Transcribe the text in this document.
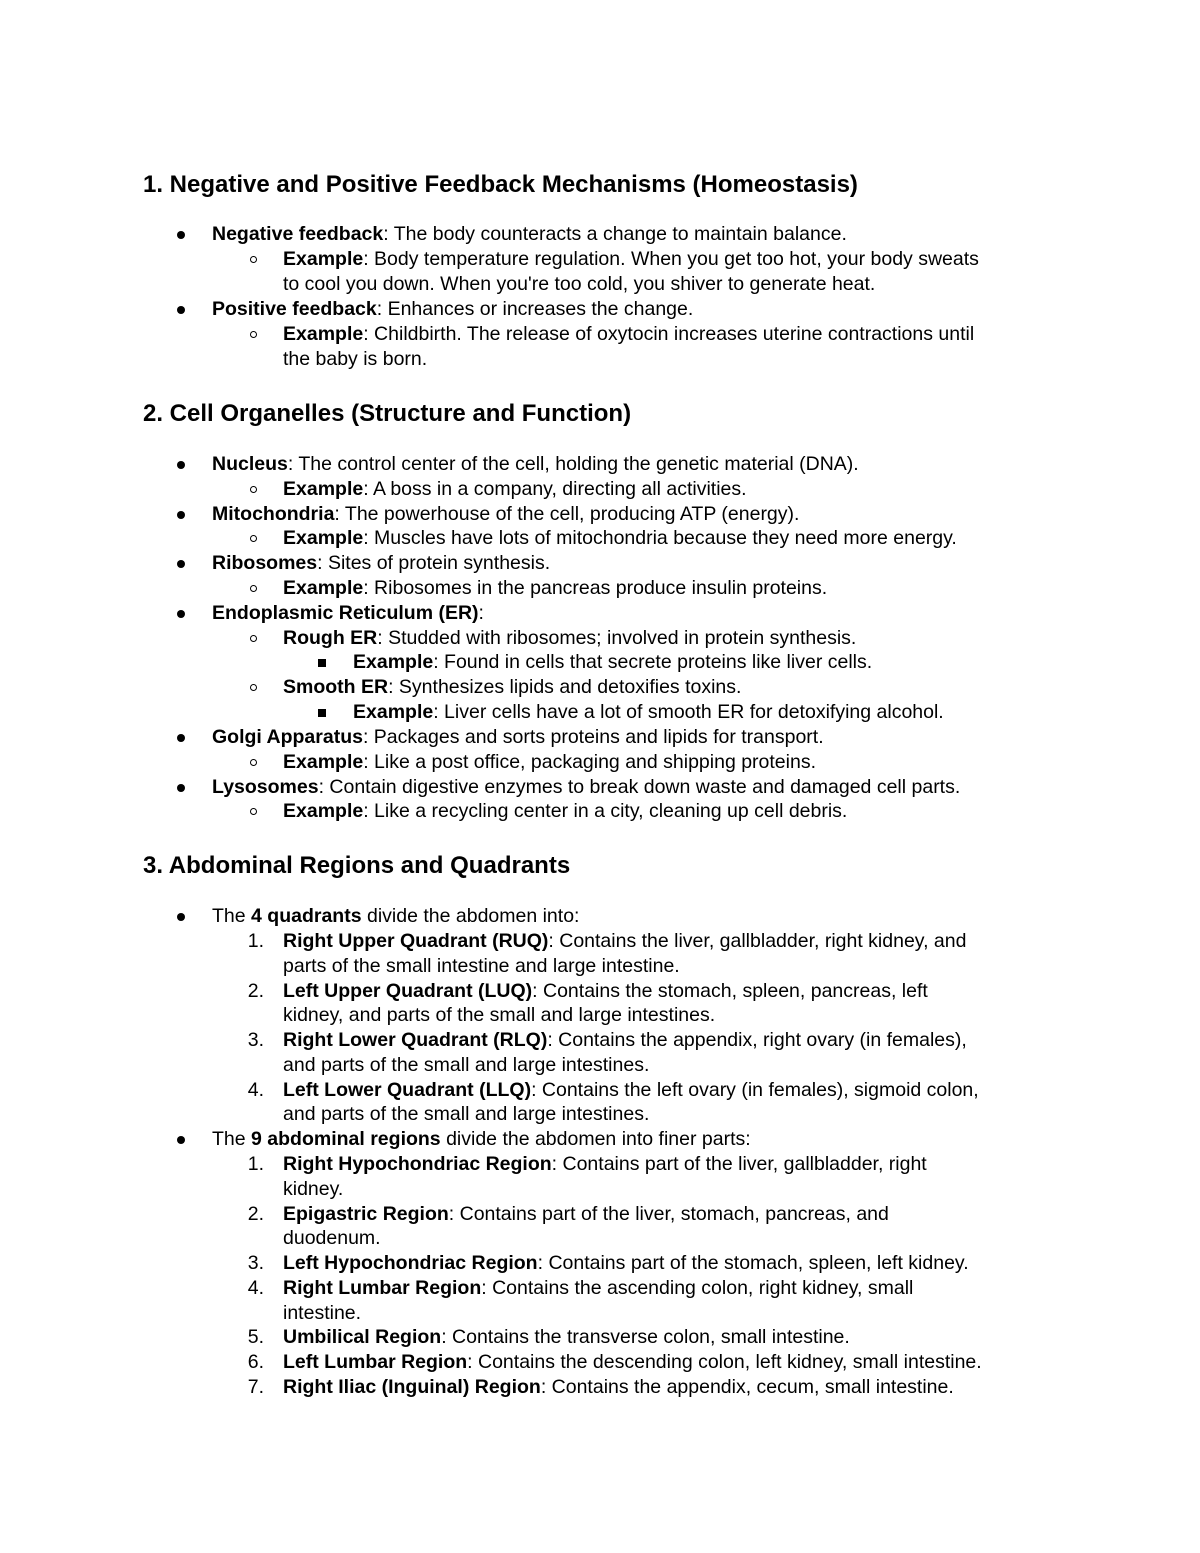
1. Negative and Positive Feedback Mechanisms (Homeostasis)
Negative feedback: The body counteracts a change to maintain balance.
Example: Body temperature regulation. When you get too hot, your body sweats
to cool you down. When you're too cold, you shiver to generate heat.
Positive feedback: Enhances or increases the change.
Example: Childbirth. The release of oxytocin increases uterine contractions until
the baby is born.
2. Cell Organelles (Structure and Function)
Nucleus: The control center of the cell, holding the genetic material (DNA).
Example: A boss in a company, directing all activities.
Mitochondria: The powerhouse of the cell, producing ATP (energy).
Example: Muscles have lots of mitochondria because they need more energy.
Ribosomes: Sites of protein synthesis.
Example: Ribosomes in the pancreas produce insulin proteins.
Endoplasmic Reticulum (ER):
Rough ER: Studded with ribosomes; involved in protein synthesis.
Example: Found in cells that secrete proteins like liver cells.
Smooth ER: Synthesizes lipids and detoxifies toxins.
Example: Liver cells have a lot of smooth ER for detoxifying alcohol.
Golgi Apparatus: Packages and sorts proteins and lipids for transport.
Example: Like a post office, packaging and shipping proteins.
Lysosomes: Contain digestive enzymes to break down waste and damaged cell parts.
Example: Like a recycling center in a city, cleaning up cell debris.
3. Abdominal Regions and Quadrants
The 4 quadrants divide the abdomen into:
1. Right Upper Quadrant (RUQ): Contains the liver, gallbladder, right kidney, and
parts of the small intestine and large intestine.
2. Left Upper Quadrant (LUQ): Contains the stomach, spleen, pancreas, left
kidney, and parts of the small and large intestines.
3. Right Lower Quadrant (RLQ): Contains the appendix, right ovary (in females),
and parts of the small and large intestines.
4. Left Lower Quadrant (LLQ): Contains the left ovary (in females), sigmoid colon,
and parts of the small and large intestines.
The 9 abdominal regions divide the abdomen into finer parts:
1. Right Hypochondriac Region: Contains part of the liver, gallbladder, right
kidney.
2. Epigastric Region: Contains part of the liver, stomach, pancreas, and
duodenum.
3. Left Hypochondriac Region: Contains part of the stomach, spleen, left kidney.
4. Right Lumbar Region: Contains the ascending colon, right kidney, small
intestine.
5. Umbilical Region: Contains the transverse colon, small intestine.
6. Left Lumbar Region: Contains the descending colon, left kidney, small intestine.
7. Right Iliac (Inguinal) Region: Contains the appendix, cecum, small intestine.
